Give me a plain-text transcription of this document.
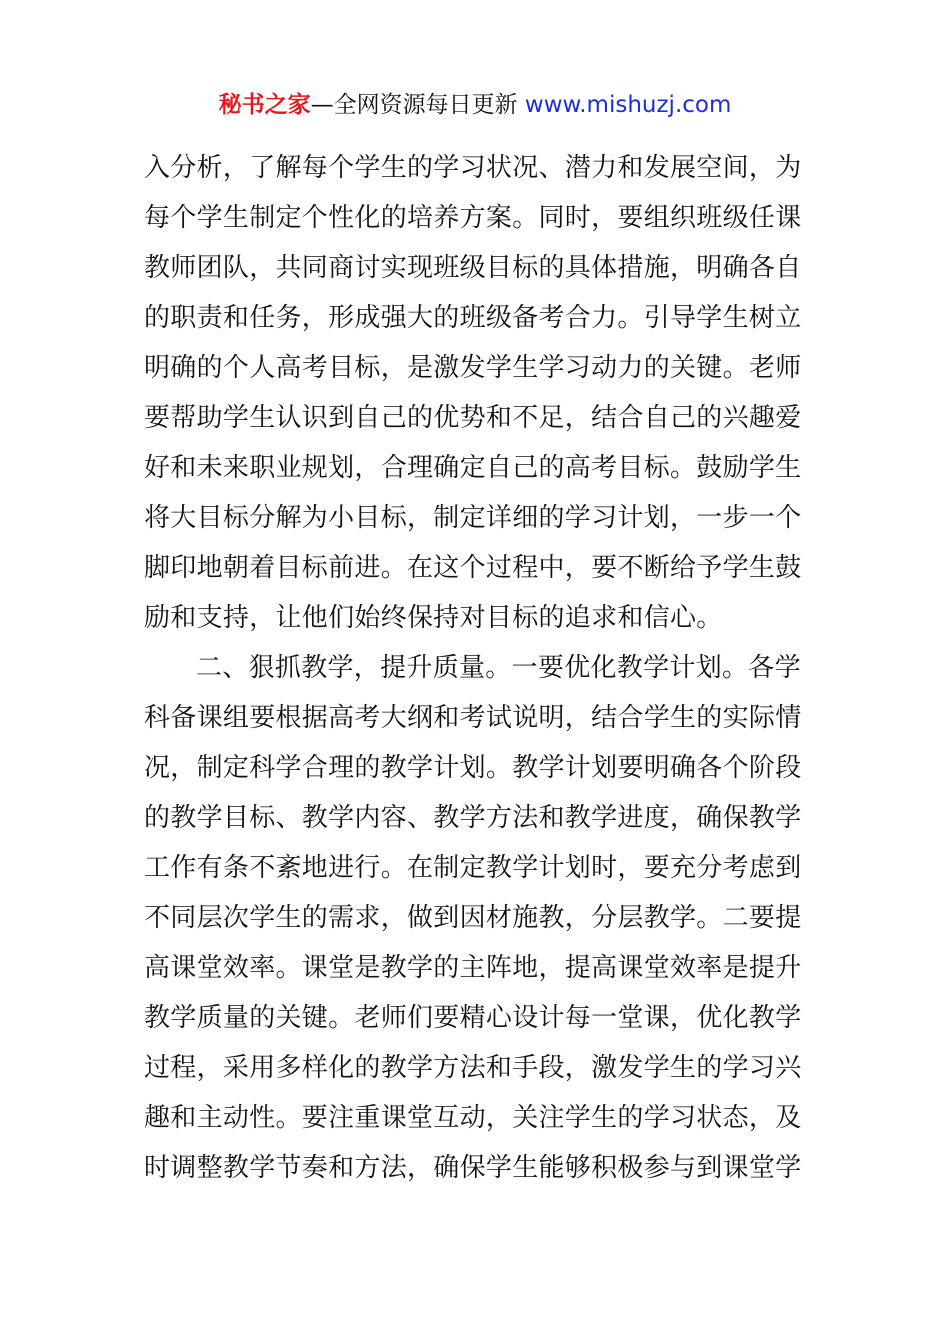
秘书之家—全网资源每日更新 www.mishuzj.com
入分析，了解每个学生的学习状况、潜力和发展空间，为
每个学生制定个性化的培养方案。同时，要组织班级任课
教师团队，共同商讨实现班级目标的具体措施，明确各自
的职责和任务，形成强大的班级备考合力。引导学生树立
明确的个人高考目标，是激发学生学习动力的关键。老师
要帮助学生认识到自己的优势和不足，结合自己的兴趣爱
好和未来职业规划，合理确定自己的高考目标。鼓励学生
将大目标分解为小目标，制定详细的学习计划，一步一个
脚印地朝着目标前进。在这个过程中，要不断给予学生鼓
励和支持，让他们始终保持对目标的追求和信心。
二、狠抓教学，提升质量。一要优化教学计划。各学
科备课组要根据高考大纲和考试说明，结合学生的实际情
况，制定科学合理的教学计划。教学计划要明确各个阶段
的教学目标、教学内容、教学方法和教学进度，确保教学
工作有条不紊地进行。在制定教学计划时，要充分考虑到
不同层次学生的需求，做到因材施教，分层教学。二要提
高课堂效率。课堂是教学的主阵地，提高课堂效率是提升
教学质量的关键。老师们要精心设计每一堂课，优化教学
过程，采用多样化的教学方法和手段，激发学生的学习兴
趣和主动性。要注重课堂互动，关注学生的学习状态，及
时调整教学节奏和方法，确保学生能够积极参与到课堂学
